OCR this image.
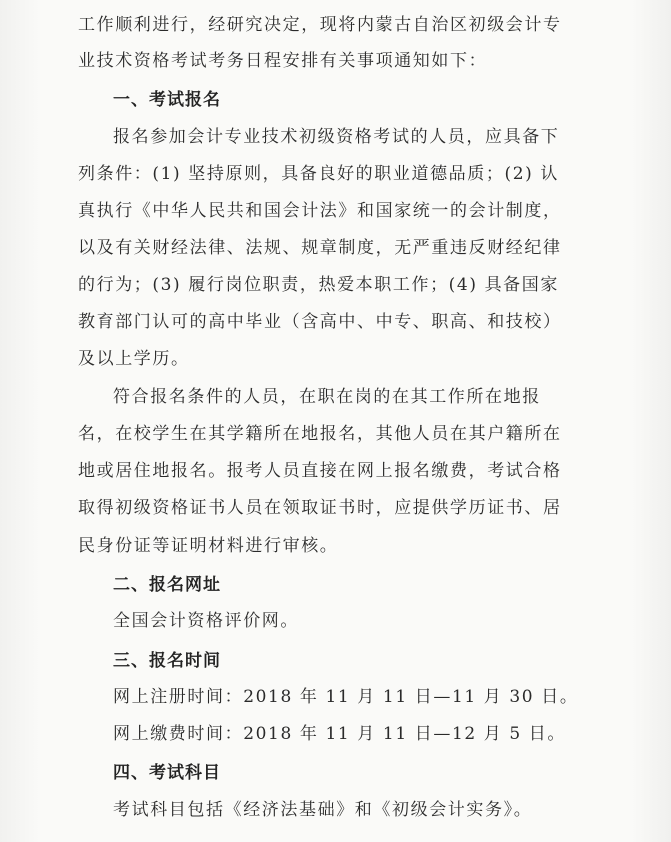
工作顺利进行，经研究决定，现将内蒙古自治区初级会计专
业技术资格考试考务日程安排有关事项通知如下：
一、考试报名
报名参加会计专业技术初级资格考试的人员，应具备下
列条件：(1) 坚持原则，具备良好的职业道德品质；(2) 认
真执行《中华人民共和国会计法》和国家统一的会计制度，
以及有关财经法律、法规、规章制度，无严重违反财经纪律
的行为；(3) 履行岗位职责，热爱本职工作；(4) 具备国家
教育部门认可的高中毕业（含高中、中专、职高、和技校）
及以上学历。
符合报名条件的人员，在职在岗的在其工作所在地报
名，在校学生在其学籍所在地报名，其他人员在其户籍所在
地或居住地报名。报考人员直接在网上报名缴费，考试合格
取得初级资格证书人员在领取证书时，应提供学历证书、居
民身份证等证明材料进行审核。
二、报名网址
全国会计资格评价网。
三、报名时间
网上注册时间：2018 年 11 月 11 日—11 月 30 日。
网上缴费时间：2018 年 11 月 11 日—12 月 5 日。
四、考试科目
考试科目包括《经济法基础》和《初级会计实务》。
